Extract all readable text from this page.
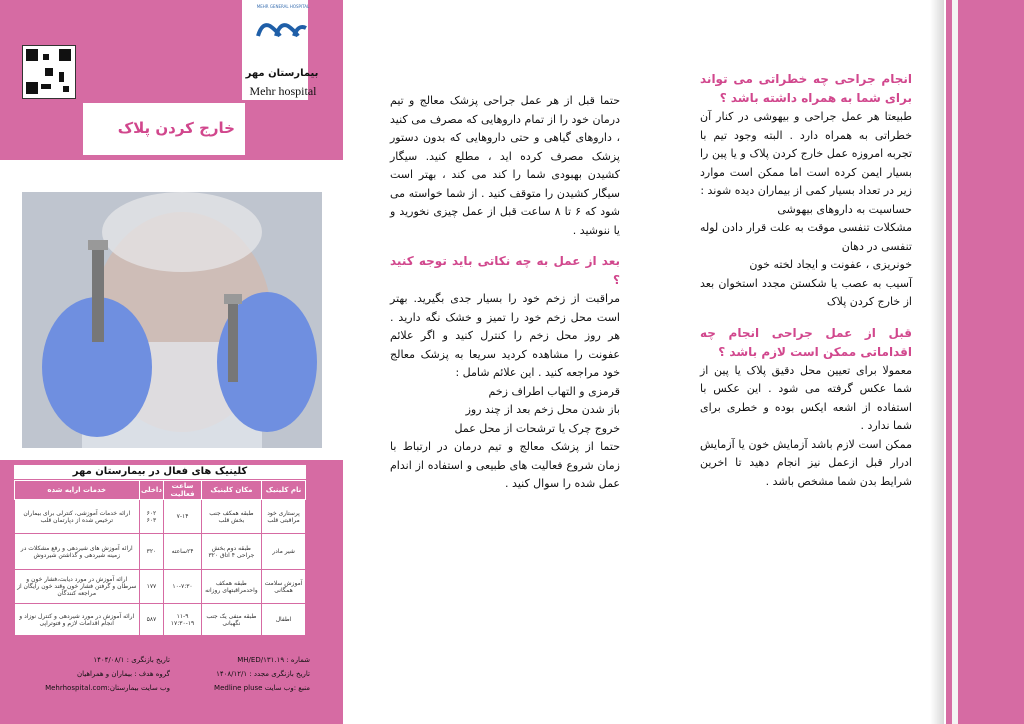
MEHR GENERAL HOSPITAL
بیمارستان مهر
Mehr hospital
خارج کردن پلاک
کلینیک های فعال در بیمارستان مهر
نام کلینیک	مکان کلینیک	ساعت فعالیت	داخلی	خدمات ارایه شده
پرستاری خود مراقبتی قلب	طبقه همکف جنب بخش قلب	۷-۱۴	۶۰۲ ۶۰۳	ارائه خدمات آموزشی، کنترلی برای بیماران ترخیص شده از دپارتمان قلب
شیر مادر	طبقه دوم بخش جراحی ۴ اتاق ۳۲۰	۲۴ساعته	۳۲۰	ارائه آموزش های شیردهی و رفع مشکلات در زمینه شیردهی و گذاشتن شیردوش
آموزش سلامت همگانی	طبقه همکف واحدمراقبتهای روزانه	۱۰-۷:۳۰	۱۷۷	ارائه آموزش در مورد دیابت،فشار خون و سرطان و گرفتن فشار خون وقند خون رایگان از مراجعه کنندگان
اطفال	طبقه منفی یک جنب نگهبانی	۱۱-۹ ۱۷:۳۰-۱۹	۵۸۷	ارائه آموزش در مورد شیردهی و کنترل نوزاد و انجام اقدامات لازم و فتوتراپی
شماره : MH/ED/۱۳۱.۱۹
تاریخ بازنگری : ۱۴۰۴/۰۸/۱
تاریخ بازنگری مجدد : ۱۴۰۸/۱۲/۱
گروه هدف : بیماران و همراهیان
منبع :وب سایت Medline pluse
وب سایت بیمارستان:Mehrhospital.com

حتما قبل از هر عمل جراحی پزشک معالج و تیم درمان خود را از تمام داروهایی که مصرف می کنید ، داروهای گیاهی و حتی داروهایی که بدون دستور پزشک مصرف کرده اید ، مطلع کنید. سیگار کشیدن بهبودی شما را کند می کند ، بهتر است سیگار کشیدن را متوقف کنید . از شما خواسته می شود که ۶ تا ۸ ساعت قبل از عمل چیزی نخورید و یا ننوشید .

بعد از عمل به چه نکاتی باید توجه کنید ؟

مراقبت از زخم خود را بسیار جدی بگیرید. بهتر است محل زخم خود را تمیز و خشک نگه دارید . هر روز محل زخم را کنترل کنید و اگر علائم عفونت را مشاهده کردید سریعا به پزشک معالج خود مراجعه کنید . این علائم شامل :

قرمزی و التهاب اطراف زخم

باز شدن محل زخم بعد از چند روز

خروج چرک یا ترشحات از محل عمل

حتما از پزشک معالج و تیم درمان در ارتباط با زمان شروع فعالیت های طبیعی و استفاده از اندام عمل شده را سوال کنید .

انجام جراحی چه خطراتی می تواند برای شما به همراه داشته باشد ؟

طبیعتا هر عمل جراحی و بیهوشی در کنار آن خطراتی به همراه دارد . البته وجود تیم با تجربه امروزه عمل خارج کردن پلاک و یا پین را بسیار ایمن کرده است اما ممکن است موارد زیر در تعداد بسیار کمی از بیماران دیده شوند :

حساسیت به داروهای بیهوشی

مشکلات تنفسی موقت به علت قرار دادن لوله تنفسی در دهان

خونریزی ، عفونت و ایجاد لخته خون

آسیب به عصب یا شکستن مجدد استخوان بعد از خارج کردن پلاک

قبل از عمل جراحی انجام چه اقداماتی ممکن است لازم باشد ؟

معمولا برای تعیین محل دقیق پلاک یا پین از شما عکس گرفته می شود . این عکس با استفاده از اشعه ایکس بوده و خطری برای شما ندارد .

ممکن است لازم باشد آزمایش خون یا آزمایش ادرار قبل ازعمل نیز انجام دهید تا اخرین شرایط بدن شما مشخص باشد .
